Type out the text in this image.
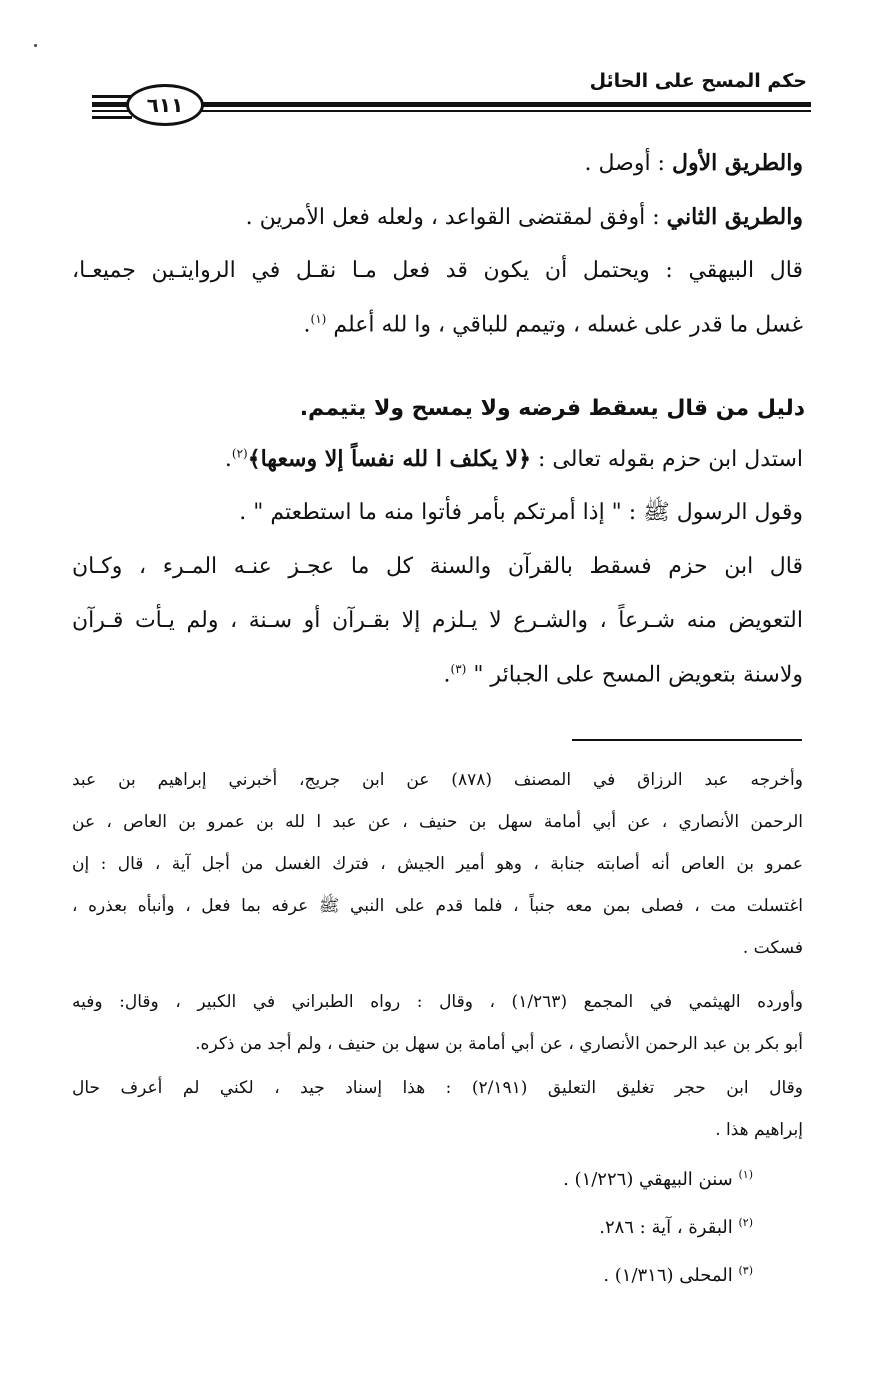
حكم المسح على الحائل
٦١١
والطريق الأول : أوصل .
والطريق الثاني : أوفق لمقتضى القواعد ، ولعله فعل الأمرين .
قال البيهقي : ويحتمل أن يكون قد فعل مـا نقـل في الروايتـين جميعـا،
غسل ما قدر على غسله ، وتيمم للباقي ، وا لله أعلم $^{(١)}$.
دليل من قال يسقط فرضه ولا يمسح ولا يتيمم.
استدل ابن حزم بقوله تعالى : ﴿لا يكلف ا لله نفساً إلا وسعها﴾$^{(٢)}$.
وقول الرسول ﷺ : " إذا أمرتكم بأمر فأتوا منه ما استطعتم " .
قال ابن حزم فسقط بالقرآن والسنة كل ما عجـز عنـه المـرء ، وكـان
التعويض منه شـرعاً ، والشـرع لا يـلزم إلا بقـرآن أو سـنة ، ولم يـأت قـرآن
ولاسنة بتعويض المسح على الجبائر " $^{(٣)}$.
وأخرجه عبد الرزاق في المصنف (٨٧٨) عن ابن جريج، أخبرني إبراهيم بن عبد
الرحمن الأنصاري ، عن أبي أمامة سهل بن حنيف ، عن عبد ا لله بن عمرو بن العاص ، عن
عمرو بن العاص أنه أصابته جنابة ، وهو أمير الجيش ، فترك الغسل من أجل آية ، قال : إن
اغتسلت مت ، فصلى بمن معه جنباً ، فلما قدم على النبي ﷺ عرفه بما فعل ، وأنبأه بعذره ،
فسكت .
وأورده الهيثمي في المجمع (١/٢٦٣) ، وقال : رواه الطبراني في الكبير ، وقال: وفيه
أبو بكر بن عبد الرحمن الأنصاري ، عن أبي أمامة بن سهل بن حنيف ، ولم أجد من ذكره.
وقال ابن حجر تغليق التعليق (٢/١٩١) : هذا إسناد جيد ، لكني لم أعرف حال
إبراهيم هذا .
$^{(١)}$ سنن البيهقي (١/٢٢٦) .
$^{(٢)}$ البقرة ، آية : ٢٨٦.
$^{(٣)}$ المحلى (١/٣١٦) .
